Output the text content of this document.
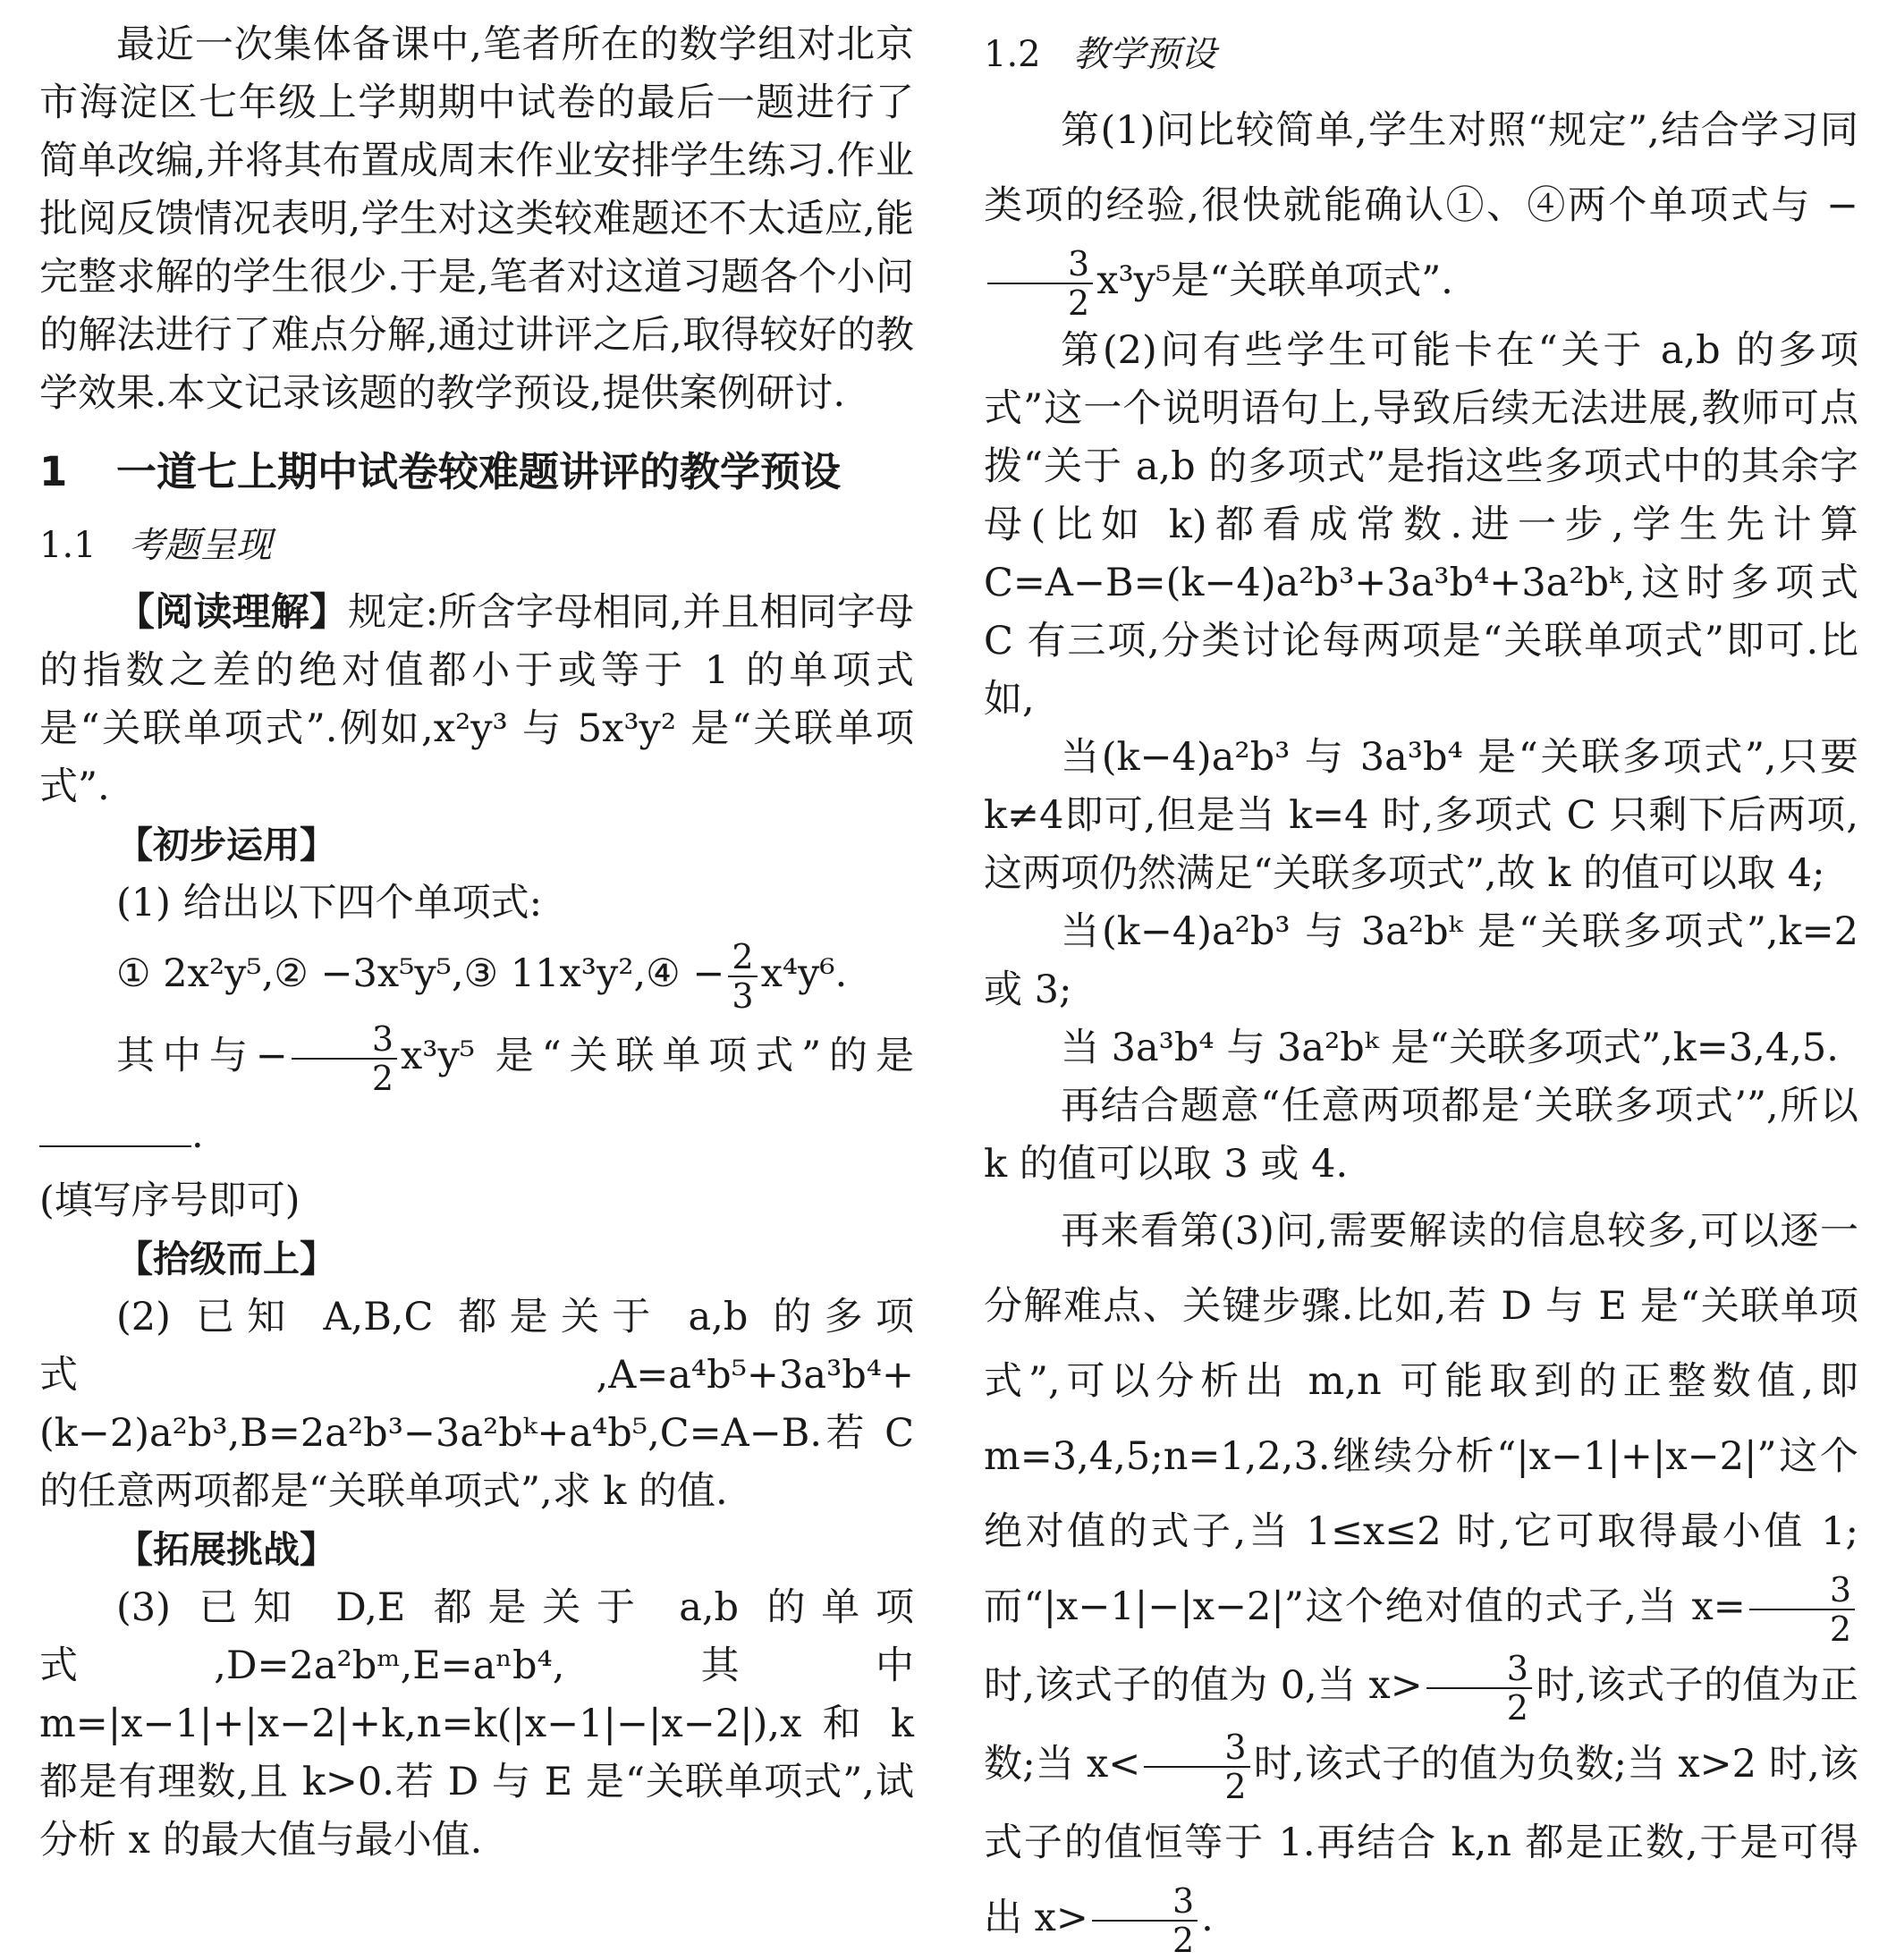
最近一次集体备课中,笔者所在的数学组对北京市海淀区七年级上学期期中试卷的最后一题进行了简单改编,并将其布置成周末作业安排学生练习.作业批阅反馈情况表明,学生对这类较难题还不太适应,能完整求解的学生很少.于是,笔者对这道习题各个小问的解法进行了难点分解,通过讲评之后,取得较好的教学效果.本文记录该题的教学预设,提供案例研讨.

1	一道七上期中试卷较难题讲评的教学预设
1.1 考题呈现

【阅读理解】规定:所含字母相同,并且相同字母的指数之差的绝对值都小于或等于 1 的单项式是“关联单项式”.例如,x²y³ 与 5x³y² 是“关联单项式”.

【初步运用】

(1) 给出以下四个单项式:

① 2x²y⁵,② −3x⁵y⁵,③ 11x³y²,④ − $\frac{2}{3} x^4y^6$.

其中与− $\frac{3}{2} x^3y^5$ 是“关联单项式”的是.

(填写序号即可)

【拾级而上】

(2) 已知 A,B,C 都是关于 a,b 的多项式,A=a⁴b⁵+3a³b⁴+(k−2)a²b³,B=2a²b³−3a²bᵏ+a⁴b⁵,C=A−B.若 C 的任意两项都是“关联单项式”,求 k 的值.

【拓展挑战】

(3) 已知 D,E 都是关于 a,b 的单项式,D=2a²bᵐ,E=aⁿb⁴,其中 m=|x−1|+|x−2|+k,n=k(|x−1|−|x−2|),x 和 k 都是有理数,且 k>0.若 D 与 E 是“关联单项式”,试分析 x 的最大值与最小值.

1.2 教学预设

第(1)问比较简单,学生对照“规定”,结合学习同类项的经验,很快就能确认①、④两个单项式与 −
$\frac{3}{2} x^3y^5$是“关联单项式”.

第(2)问有些学生可能卡在“关于 a,b 的多项式”这一个说明语句上,导致后续无法进展,教师可点拨“关于 a,b 的多项式”是指这些多项式中的其余字母(比如 k)都看成常数.进一步,学生先计算 C=A−B=(k−4)a²b³+3a³b⁴+3a²bᵏ,这时多项式 C 有三项,分类讨论每两项是“关联单项式”即可.比如,

当(k−4)a²b³ 与 3a³b⁴ 是“关联多项式”,只要 k≠4即可,但是当 k=4 时,多项式 C 只剩下后两项,这两项仍然满足“关联多项式”,故 k 的值可以取 4;

当(k−4)a²b³ 与 3a²bᵏ 是“关联多项式”,k=2 或 3;

当 3a³b⁴ 与 3a²bᵏ 是“关联多项式”,k=3,4,5.

再结合题意“任意两项都是‘关联多项式’”,所以 k 的值可以取 3 或 4.

再来看第(3)问,需要解读的信息较多,可以逐一分解难点、关键步骤.比如,若 D 与 E 是“关联单项式”,可以分析出 m,n 可能取到的正整数值,即 m=3,4,5;n=1,2,3.继续分析“|x−1|+|x−2|”这个绝对值的式子,当 1≤x≤2 时,它可取得最小值 1;而“|x−1|−|x−2|”这个绝对值的式子,当 $x= \frac{3}{2}$
时,该式子的值为 0,当 $x> \frac{3}{2}$ 时,该式子的值为正数;当 $x< \frac{3}{2}$ 时,该式子的值为负数;当 x>2 时,该式子的值恒等于 1.再结合 k,n 都是正数,于是可得出 $x> \frac{3}{2}$ .
